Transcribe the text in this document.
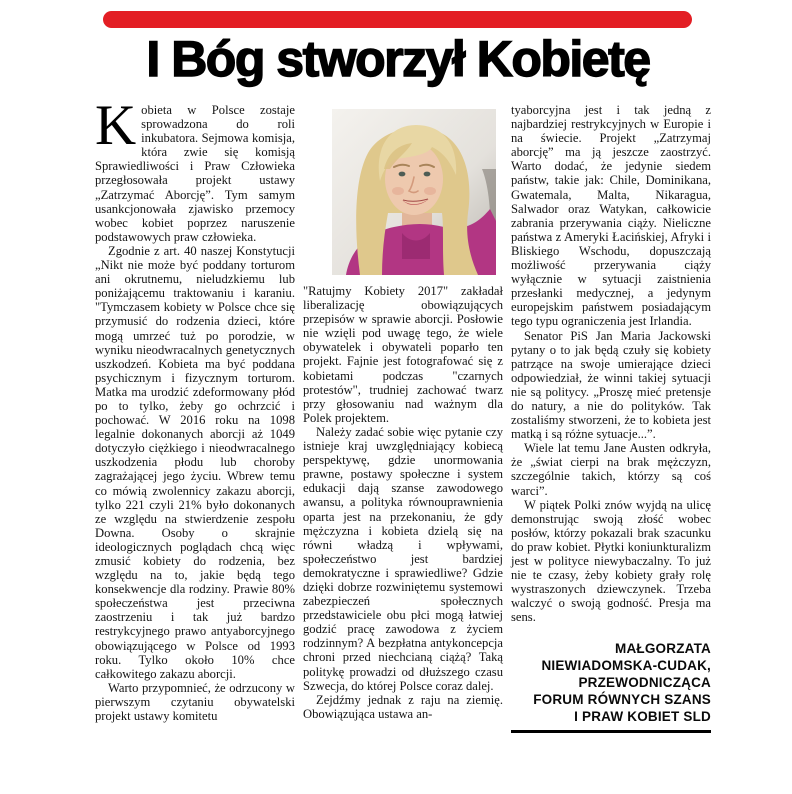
I Bóg stworzył Kobietę

Kobieta w Polsce zostaje sprowadzona do roli inkubatora. Sejmowa komisja, która zwie się komisją Sprawiedliwości i Praw Człowieka przegłosowała projekt ustawy „Zatrzymać Aborcję”. Tym samym usankcjonowała zjawisko przemocy wobec kobiet poprzez naruszenie podstawowych praw człowieka.

Zgodnie z art. 40 naszej Konstytucji „Nikt nie może być poddany torturom ani okrutnemu, nieludzkiemu lub poniżającemu traktowaniu i karaniu. "Tymczasem kobiety w Polsce chce się przymusić do rodzenia dzieci, które mogą umrzeć tuż po porodzie, w wyniku nieodwracalnych genetycznych uszkodzeń. Kobieta ma być poddana psychicznym i fizycznym torturom. Matka ma urodzić zdeformowany płód po to tylko, żeby go ochrzcić i pochować. W 2016 roku na 1098 legalnie dokonanych aborcji aż 1049 dotyczyło ciężkiego i nieodwracalnego uszkodzenia płodu lub choroby zagrażającej jego życiu. Wbrew temu co mówią zwolennicy zakazu aborcji, tylko 221 czyli 21% było dokonanych ze względu na stwierdzenie zespołu Downa. Osoby o skrajnie ideologicznych poglądach chcą więc zmusić kobiety do rodzenia, bez względu na to, jakie będą tego konsekwencje dla rodziny. Prawie 80% społeczeństwa jest przeciwna zaostrzeniu i tak już bardzo restrykcyjnego prawo antyaborcyjnego obowiązującego w Polsce od 1993 roku. Tylko około 10% chce całkowitego zakazu aborcji.

Warto przypomnieć, że odrzucony w pierwszym czytaniu obywatelski projekt ustawy komitetu

"Ratujmy Kobiety 2017" zakładał liberalizację obowiązujących przepisów w sprawie aborcji. Posłowie nie wzięli pod uwagę tego, że wiele obywatelek i obywateli poparło ten projekt. Fajnie jest fotografować się z kobietami podczas "czarnych protestów", trudniej zachować twarz przy głosowaniu nad ważnym dla Polek projektem.

Należy zadać sobie więc pytanie czy istnieje kraj uwzględniający kobiecą perspektywę, gdzie unormowania prawne, postawy społeczne i system edukacji dają szanse zawodowego awansu, a polityka równouprawnienia oparta jest na przekonaniu, że gdy mężczyzna i kobieta dzielą się na równi władzą i wpływami, społeczeństwo jest bardziej demokratyczne i sprawiedliwe? Gdzie dzięki dobrze rozwiniętemu systemowi zabezpieczeń społecznych przedstawiciele obu płci mogą łatwiej godzić pracę zawodowa z życiem rodzinnym? A bezpłatna antykoncepcja chroni przed niechcianą ciążą? Taką politykę prowadzi od dłuższego czasu Szwecja, do której Polsce coraz dalej.

Zejdźmy jednak z raju na ziemię. Obowiązująca ustawa an-

tyaborcyjna jest i tak jedną z najbardziej restrykcyjnych w Europie i na świecie. Projekt „Zatrzymaj aborcję” ma ją jeszcze zaostrzyć. Warto dodać, że jedynie siedem państw, takie jak: Chile, Dominikana, Gwatemala, Malta, Nikaragua, Salwador oraz Watykan, całkowicie zabrania przerywania ciąży. Nieliczne państwa z Ameryki Łacińskiej, Afryki i Bliskiego Wschodu, dopuszczają możliwość przerywania ciąży wyłącznie w sytuacji zaistnienia przesłanki medycznej, a jedynym europejskim państwem posiadającym tego typu ograniczenia jest Irlandia.

Senator PiS Jan Maria Jackowski pytany o to jak będą czuły się kobiety patrzące na swoje umierające dzieci odpowiedział, że winni takiej sytuacji nie są politycy. „Proszę mieć pretensje do natury, a nie do polityków. Tak zostaliśmy stworzeni, że to kobieta jest matką i są różne sytuacje...”.

Wiele lat temu Jane Austen odkryła, że „świat cierpi na brak mężczyzn, szczególnie takich, którzy są coś warci”.

W piątek Polki znów wyjdą na ulicę demonstrując swoją złość wobec posłów, którzy pokazali brak szacunku do praw kobiet. Płytki koniunkturalizm jest w polityce niewybaczalny. To już nie te czasy, żeby kobiety grały rolę wystraszonych dziewczynek. Trzeba walczyć o swoją godność. Presja ma sens.

MAŁGORZATA
NIEWIADOMSKA-CUDAK,
PRZEWODNICZĄCA
FORUM RÓWNYCH SZANS
I PRAW KOBIET SLD
